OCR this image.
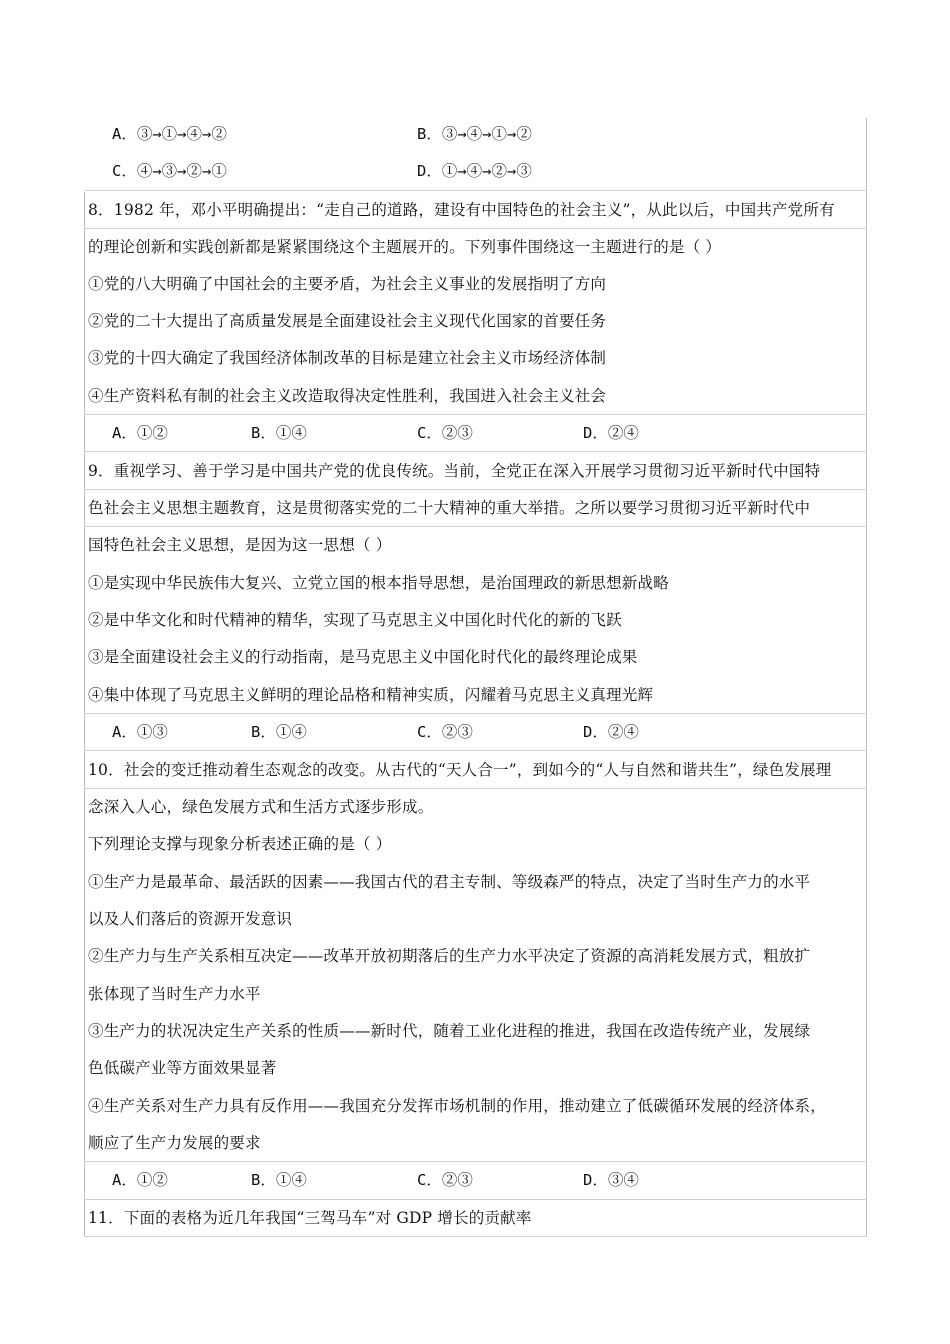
A．③→①→④→②	B．③→④→①→②
C．④→③→②→①	D．①→④→②→③
8．1982 年，邓小平明确提出：“走自己的道路，建设有中国特色的社会主义”，从此以后，中国共产党所有
的理论创新和实践创新都是紧紧围绕这个主题展开的。下列事件围绕这一主题进行的是（ ）
①党的八大明确了中国社会的主要矛盾，为社会主义事业的发展指明了方向
②党的二十大提出了高质量发展是全面建设社会主义现代化国家的首要任务
③党的十四大确定了我国经济体制改革的目标是建立社会主义市场经济体制
④生产资料私有制的社会主义改造取得决定性胜利，我国进入社会主义社会
A．①②	B．①④	C．②③	D．②④
9．重视学习、善于学习是中国共产党的优良传统。当前，全党正在深入开展学习贯彻习近平新时代中国特
色社会主义思想主题教育，这是贯彻落实党的二十大精神的重大举措。之所以要学习贯彻习近平新时代中
国特色社会主义思想，是因为这一思想（ ）
①是实现中华民族伟大复兴、立党立国的根本指导思想，是治国理政的新思想新战略
②是中华文化和时代精神的精华，实现了马克思主义中国化时代化的新的飞跃
③是全面建设社会主义的行动指南，是马克思主义中国化时代化的最终理论成果
④集中体现了马克思主义鲜明的理论品格和精神实质，闪耀着马克思主义真理光辉
A．①③	B．①④	C．②③	D．②④
10．社会的变迁推动着生态观念的改变。从古代的“天人合一”，到如今的“人与自然和谐共生”，绿色发展理
念深入人心，绿色发展方式和生活方式逐步形成。
下列理论支撑与现象分析表述正确的是（ ）
①生产力是最革命、最活跃的因素——我国古代的君主专制、等级森严的特点，决定了当时生产力的水平
以及人们落后的资源开发意识
②生产力与生产关系相互决定——改革开放初期落后的生产力水平决定了资源的高消耗发展方式，粗放扩
张体现了当时生产力水平
③生产力的状况决定生产关系的性质——新时代，随着工业化进程的推进，我国在改造传统产业，发展绿
色低碳产业等方面效果显著
④生产关系对生产力具有反作用——我国充分发挥市场机制的作用，推动建立了低碳循环发展的经济体系，
顺应了生产力发展的要求
A．①②	B．①④	C．②③	D．③④
11．下面的表格为近几年我国“三驾马车”对 GDP 增长的贡献率
